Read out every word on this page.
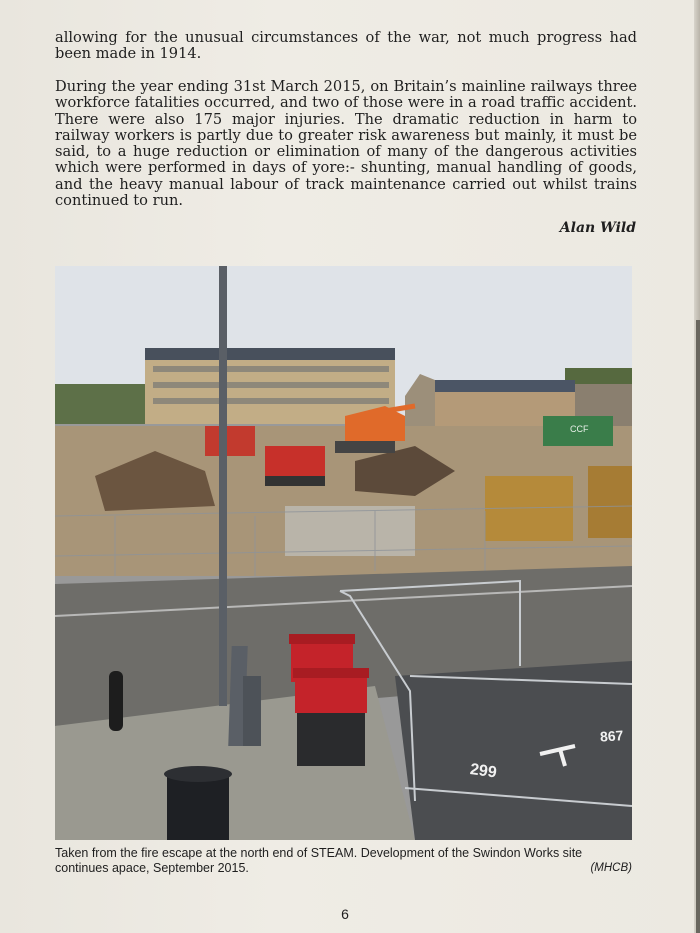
allowing for the unusual circumstances of the war, not much progress had been made in 1914.

During the year ending 31st March 2015, on Britain’s mainline railways three workforce fatalities occurred, and two of those were in a road traffic accident. There were also 175 major injuries. The dramatic reduction in harm to railway workers is partly due to greater risk awareness but mainly, it must be said, to a huge reduction or elimination of many of the dangerous activities which were performed in days of yore:- shunting, manual handling of goods, and the heavy manual labour of track maintenance carried out whilst trains continued to run.

Alan Wild
CCF
299
867
Taken from the fire escape at the north end of STEAM. Development of the Swindon Works site continues apace, September 2015.	(MHCB)
6
